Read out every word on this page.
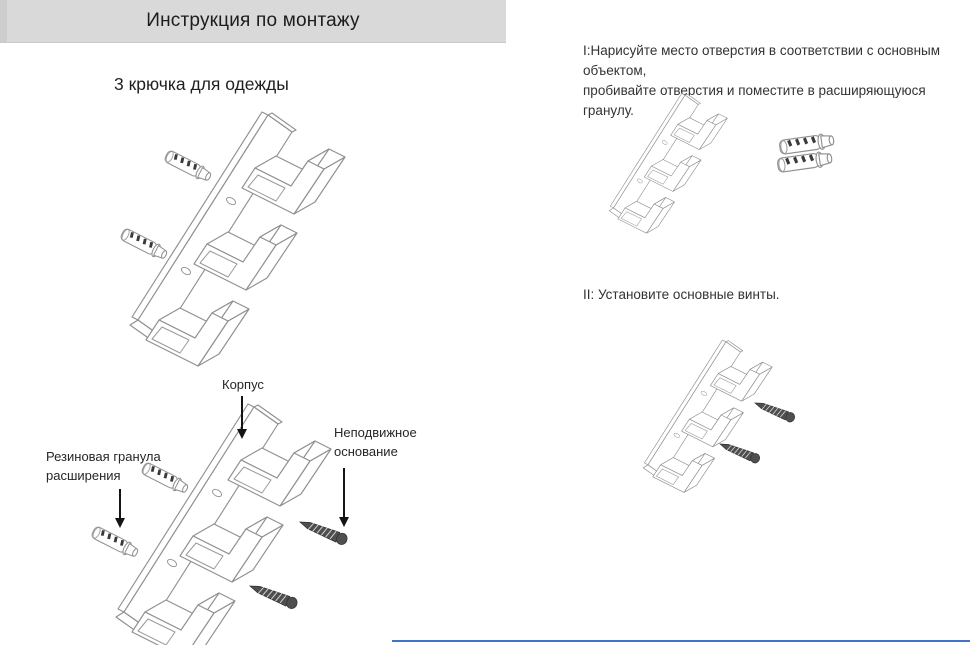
Инструкция по монтажу
3 крючка для одежды
Корпус
Неподвижное основание
Резиновая гранула расширения
I:Нарисуйте место отверстия в соответствии с основным объектом,
пробивайте отверстия и поместите в расширяющуюся гранулу.
II: Установите основные винты.
